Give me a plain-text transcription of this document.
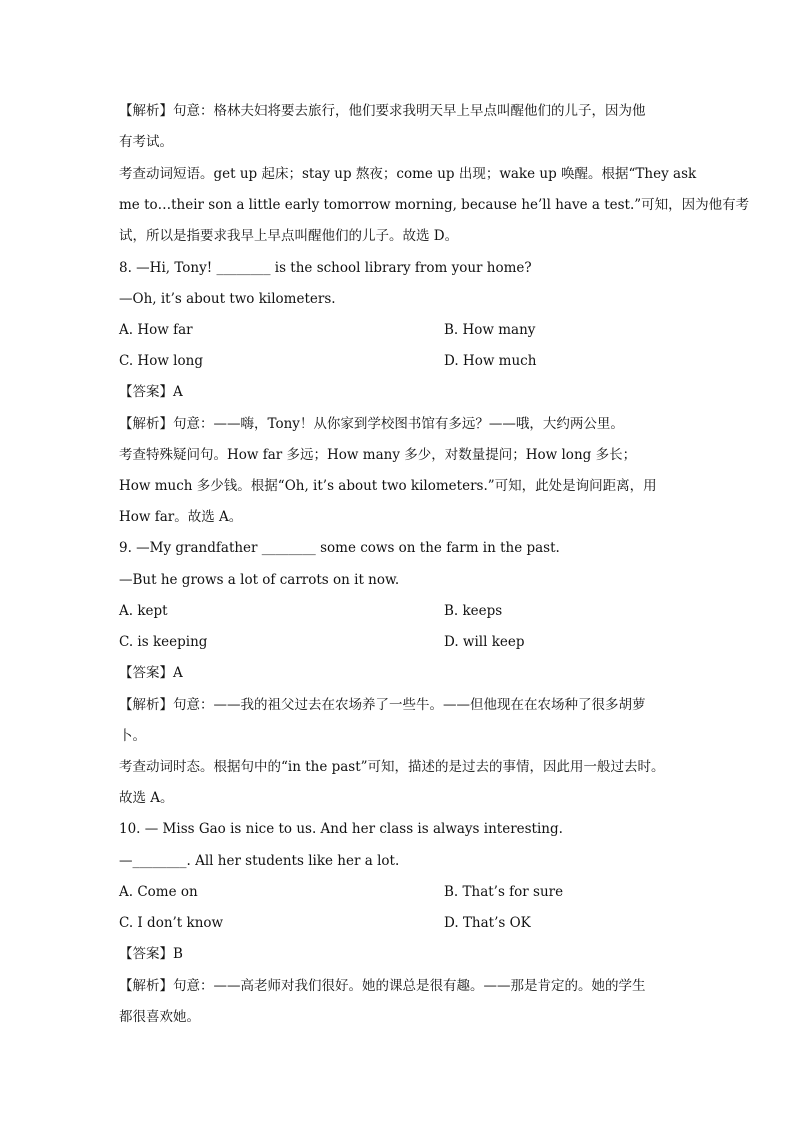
【解析】句意：格林夫妇将要去旅行，他们要求我明天早上早点叫醒他们的儿子，因为他
有考试。
考查动词短语。get up 起床；stay up 熬夜；come up 出现；wake up 唤醒。根据“They ask
me to…their son a little early tomorrow morning, because he’ll have a test.”可知，因为他有考
试，所以是指要求我早上早点叫醒他们的儿子。故选 D。
8. —Hi, Tony! ________ is the school library from your home?
—Oh, it’s about two kilometers.
A. How far	B. How many
C. How long	D. How much
【答案】A
【解析】句意：——嗨，Tony！从你家到学校图书馆有多远？——哦，大约两公里。
考查特殊疑问句。How far 多远；How many 多少，对数量提问；How long 多长；
How much 多少钱。根据“Oh, it’s about two kilometers.”可知，此处是询问距离，用
How far。故选 A。
9. —My grandfather ________ some cows on the farm in the past.
—But he grows a lot of carrots on it now.
A. kept	B. keeps
C. is keeping	D. will keep
【答案】A
【解析】句意：——我的祖父过去在农场养了一些牛。——但他现在在农场种了很多胡萝
卜。
考查动词时态。根据句中的“in the past”可知，描述的是过去的事情，因此用一般过去时。
故选 A。
10. — Miss Gao is nice to us. And her class is always interesting.
—________. All her students like her a lot.
A. Come on	B. That’s for sure
C. I don’t know	D. That’s OK
【答案】B
【解析】句意：——高老师对我们很好。她的课总是很有趣。——那是肯定的。她的学生
都很喜欢她。
